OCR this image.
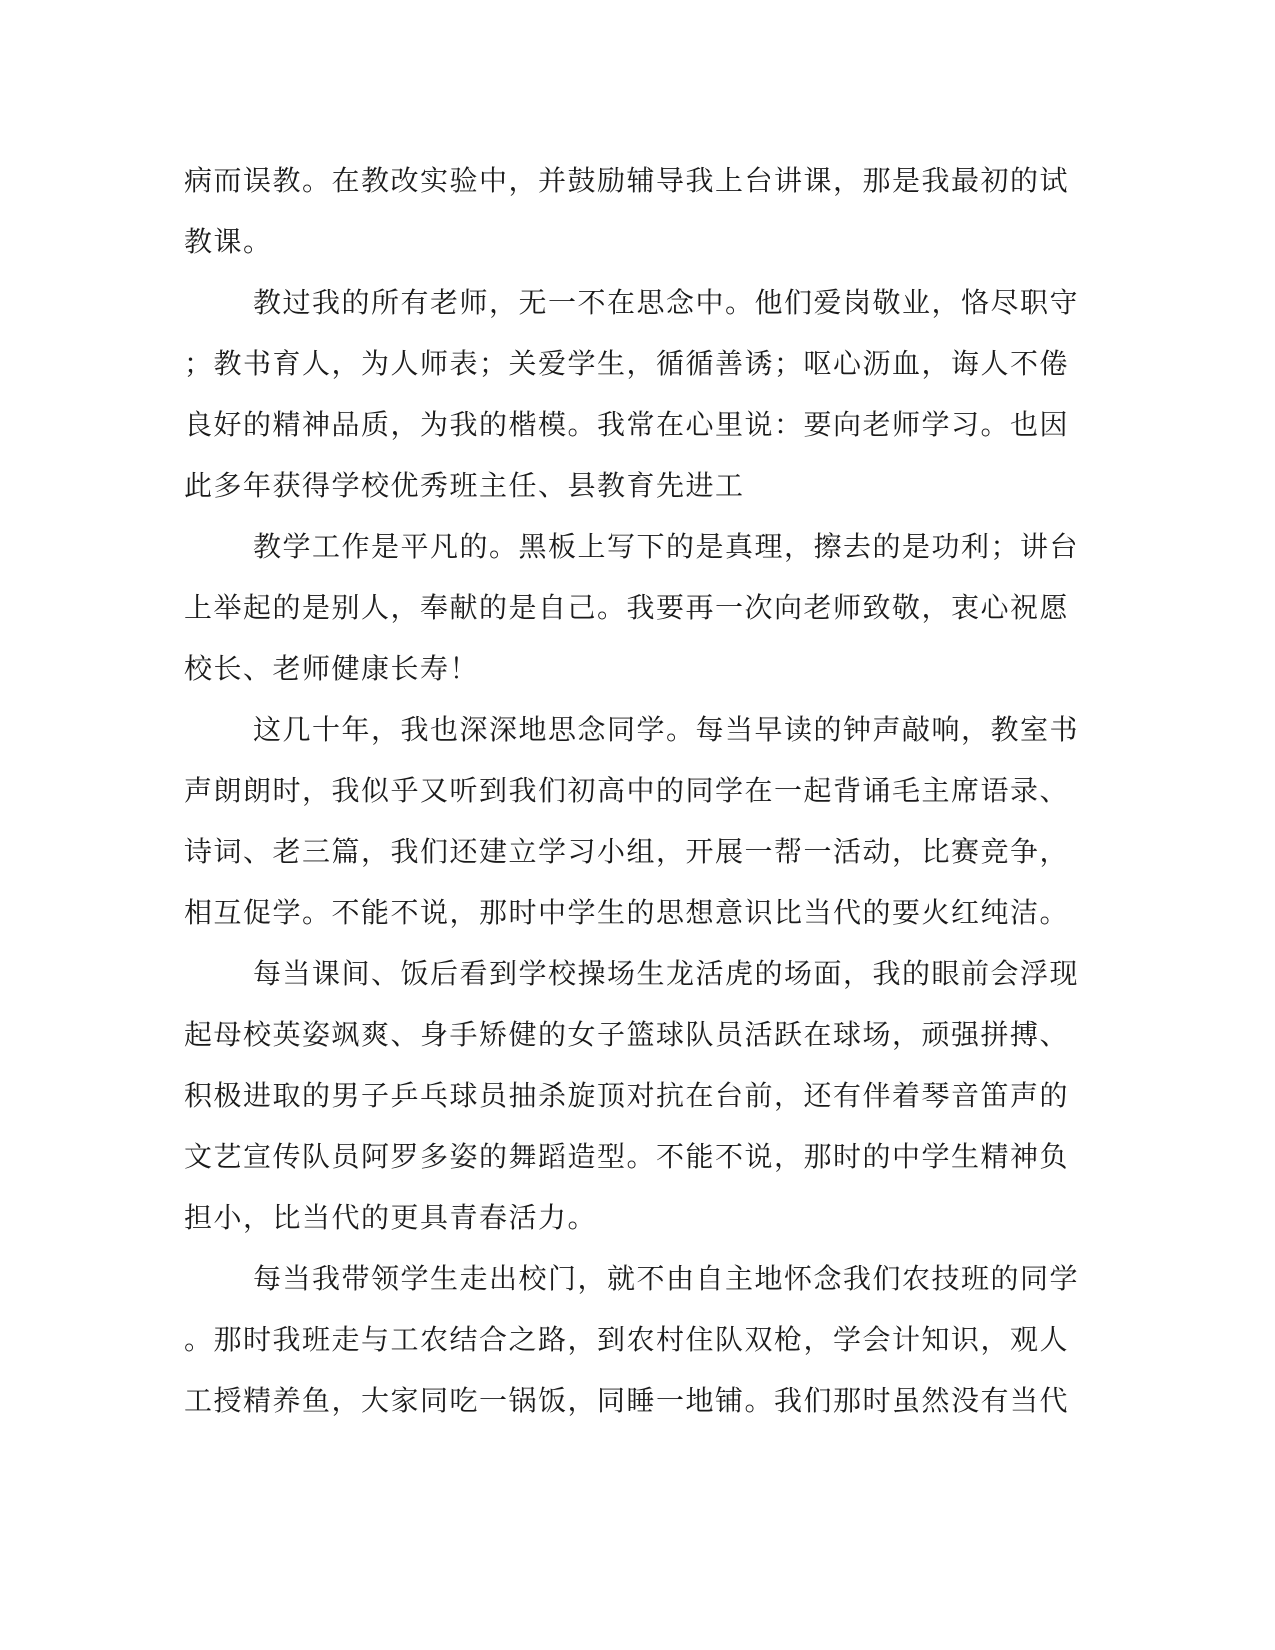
病而误教。在教改实验中，并鼓励辅导我上台讲课，那是我最初的试
教课。
教过我的所有老师，无一不在思念中。他们爱岗敬业，恪尽职守
；教书育人，为人师表；关爱学生，循循善诱；呕心沥血，诲人不倦
良好的精神品质，为我的楷模。我常在心里说：要向老师学习。也因
此多年获得学校优秀班主任、县教育先进工
教学工作是平凡的。黑板上写下的是真理，擦去的是功利；讲台
上举起的是别人，奉献的是自己。我要再一次向老师致敬，衷心祝愿
校长、老师健康长寿！
这几十年，我也深深地思念同学。每当早读的钟声敲响，教室书
声朗朗时，我似乎又听到我们初高中的同学在一起背诵毛主席语录、
诗词、老三篇，我们还建立学习小组，开展一帮一活动，比赛竞争，
相互促学。不能不说，那时中学生的思想意识比当代的要火红纯洁。
每当课间、饭后看到学校操场生龙活虎的场面，我的眼前会浮现
起母校英姿飒爽、身手矫健的女子篮球队员活跃在球场，顽强拼搏、
积极进取的男子乒乓球员抽杀旋顶对抗在台前，还有伴着琴音笛声的
文艺宣传队员阿罗多姿的舞蹈造型。不能不说，那时的中学生精神负
担小，比当代的更具青春活力。
每当我带领学生走出校门，就不由自主地怀念我们农技班的同学
。那时我班走与工农结合之路，到农村住队双枪，学会计知识，观人
工授精养鱼，大家同吃一锅饭，同睡一地铺。我们那时虽然没有当代
